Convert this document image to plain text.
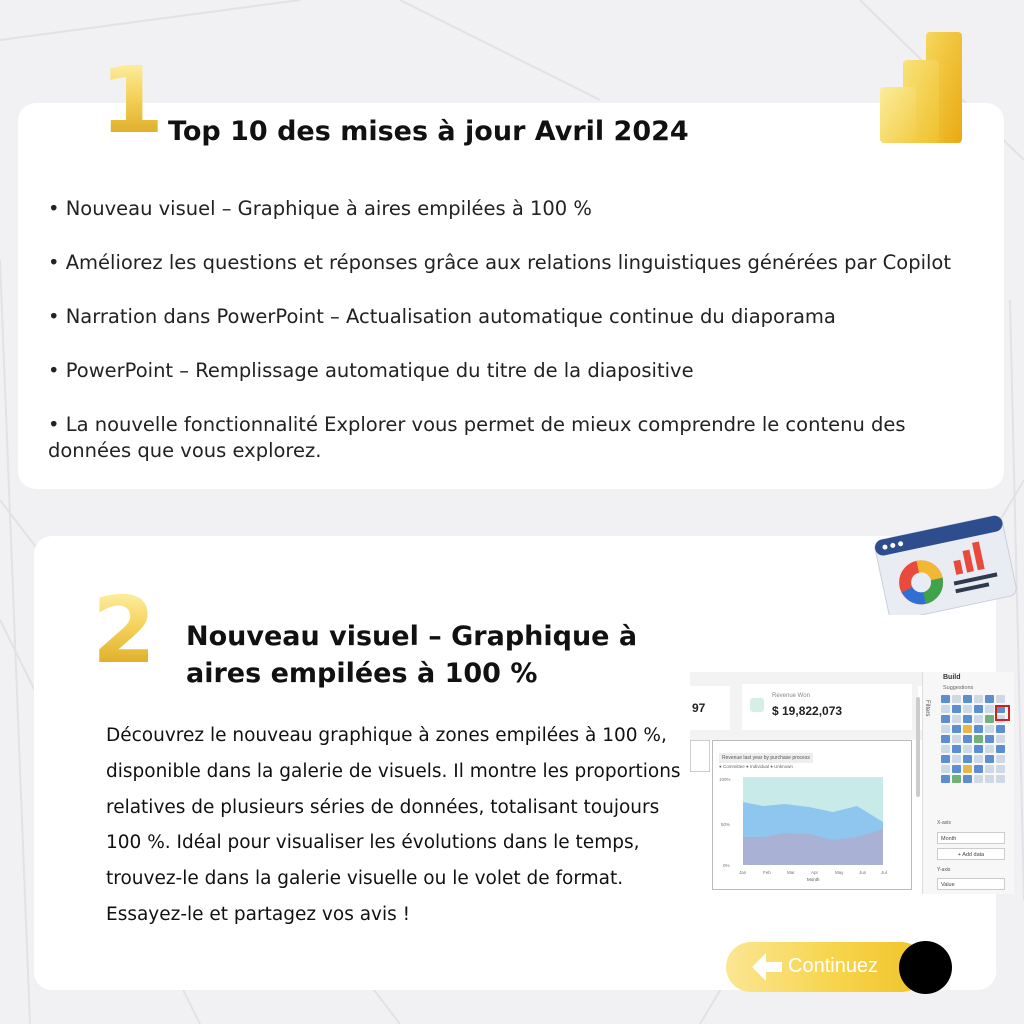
1 Top 10 des mises à jour Avril 2024
• Nouveau visuel – Graphique à aires empilées à 100 %
• Améliorez les questions et réponses grâce aux relations linguistiques générées par Copilot
• Narration dans PowerPoint – Actualisation automatique continue du diaporama
• PowerPoint – Remplissage automatique du titre de la diapositive
• La nouvelle fonctionnalité Explorer vous permet de mieux comprendre le contenu des données que vous explorez.
2 Nouveau visuel – Graphique à aires empilées à 100 %
Découvrez le nouveau graphique à zones empilées à 100 %, disponible dans la galerie de visuels. Il montre les proportions relatives de plusieurs séries de données, totalisant toujours 100 %. Idéal pour visualiser les évolutions dans le temps, trouvez-le dans la galerie visuelle ou le volet de format. Essayez-le et partagez vos avis !
97
Revenue Won
$ 19,822,073
Revenue last year by purchase process
● Committee ● Individual ● Unknown
100%
50%
0%
Jan	Feb	Mar	Apr	May	Jun	Jul
Month
Build
Suggestions
Filters
X-axis
Month
+ Add data
Y-axis
Value
Continuez
